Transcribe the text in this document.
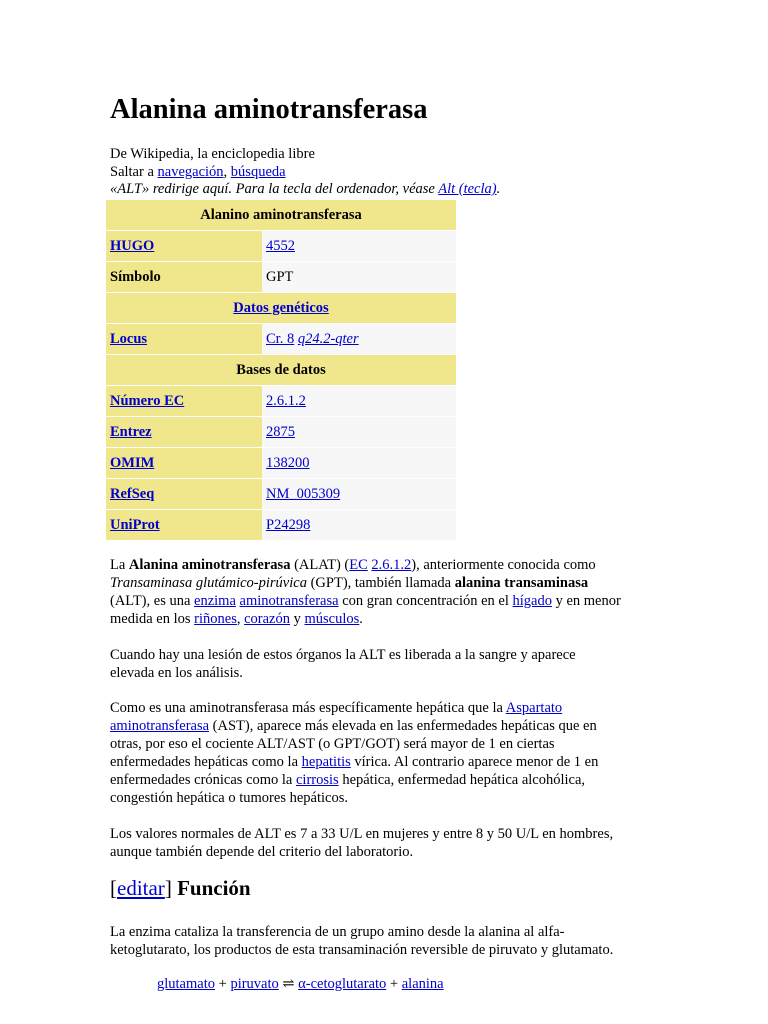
Alanina aminotransferasa
De Wikipedia, la enciclopedia libre
Saltar a navegación, búsqueda
«ALT» redirige aquí. Para la tecla del ordenador, véase Alt (tecla).
Alanino aminotransferasa	
HUGO	4552
Símbolo	GPT
Datos genéticos	
Locus	Cr. 8 q24.2-qter
Bases de datos	
Número EC	2.6.1.2
Entrez	2875
OMIM	138200
RefSeq	NM_005309
UniProt	P24298
La Alanina aminotransferasa (ALAT) (EC 2.6.1.2), anteriormente conocida como
Transaminasa glutámico-pirúvica (GPT), también llamada alanina transaminasa
(ALT), es una enzima aminotransferasa con gran concentración en el hígado y en menor
medida en los riñones, corazón y músculos.
Cuando hay una lesión de estos órganos la ALT es liberada a la sangre y aparece
elevada en los análisis.
Como es una aminotransferasa más específicamente hepática que la Aspartato
aminotransferasa (AST), aparece más elevada en las enfermedades hepáticas que en
otras, por eso el cociente ALT/AST (o GPT/GOT) será mayor de 1 en ciertas
enfermedades hepáticas como la hepatitis vírica. Al contrario aparece menor de 1 en
enfermedades crónicas como la cirrosis hepática, enfermedad hepática alcohólica,
congestión hepática o tumores hepáticos.
Los valores normales de ALT es 7 a 33 U/L en mujeres y entre 8 y 50 U/L en hombres,
aunque también depende del criterio del laboratorio.
[editar] Función
La enzima cataliza la transferencia de un grupo amino desde la alanina al alfa-
ketoglutarato, los productos de esta transaminación reversible de piruvato y glutamato.
glutamato + piruvato ⇌ α-cetoglutarato + alanina
